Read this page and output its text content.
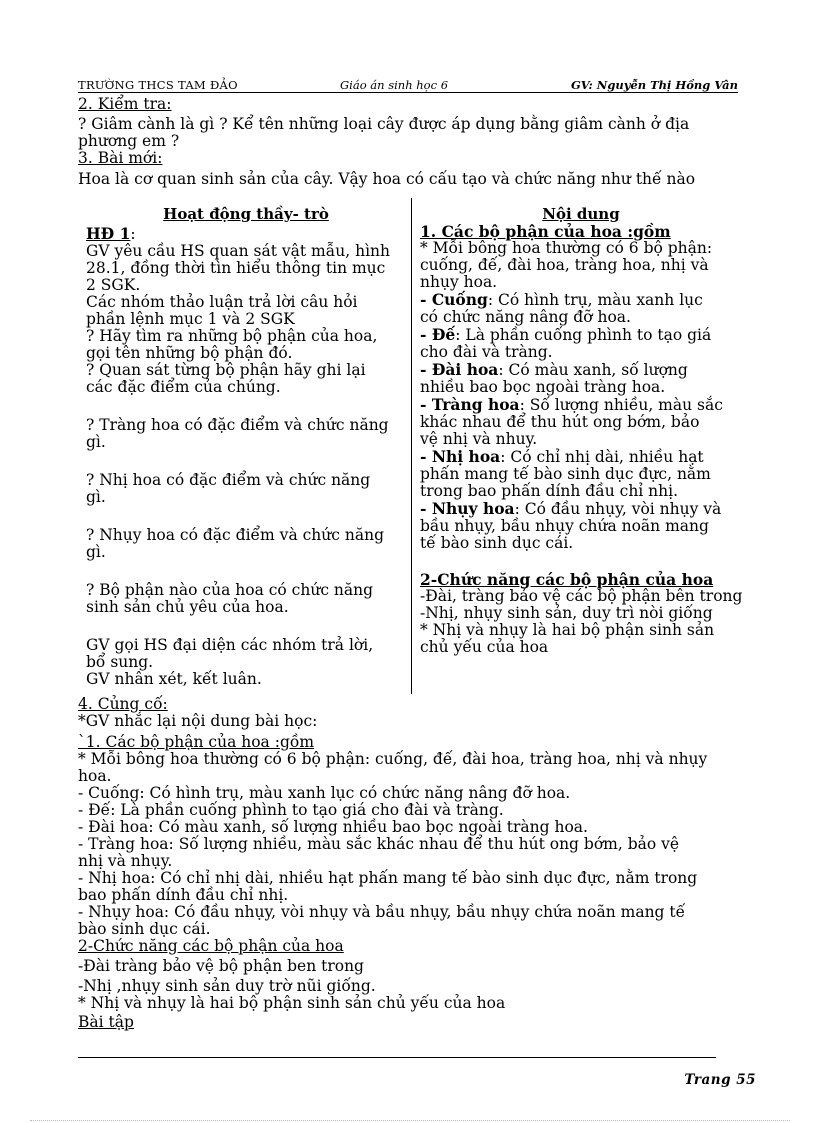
TRƯỜNG THCS TAM ĐẢO	Giáo án sinh học 6	GV: Nguyễn Thị Hồng Vân
2. Kiểm tra:
? Giâm cành là gì ? Kể tên những loại cây được áp dụng bằng giâm cành ở địa
phương em ?
3. Bài mới:
Hoa là cơ quan sinh sản của cây. Vậy hoa có cấu tạo và chức năng như thế nào
Hoạt động thầy- trò
HĐ 1:
GV yêu cầu HS quan sát vật mẫu, hình
28.1, đồng thời tìn hiểu thông tin mục
2 SGK.
Các nhóm thảo luận trả lời câu hỏi
phần lệnh mục 1 và 2 SGK
? Hãy tìm ra những bộ phận của hoa,
gọi tên những bộ phận đó.
? Quan sát từng bộ phận hãy ghi lại
các đặc điểm của chúng.
? Tràng hoa có đặc điểm và chức năng
gì.
? Nhị hoa có đặc điểm và chức năng
gì.
? Nhụy hoa có đặc điểm và chức năng
gì.
? Bộ phận nào của hoa có chức năng
sinh sản chủ yêu của hoa.
GV gọi HS đại diện các nhóm trả lời,
bổ sung.
GV nhân xét, kết luân.
Nội dung
1. Các bộ phận của hoa :gồm
* Mỗi bông hoa thường có 6 bộ phận:
cuống, đế, đài hoa, tràng hoa, nhị và
nhụy hoa.
- Cuống: Có hình trụ, màu xanh lục
có chức năng nâng đỡ hoa.
- Đế: Là phần cuống phình to tạo giá
cho đài và tràng.
- Đài hoa: Có màu xanh, số lượng
nhiều bao bọc ngoài tràng hoa.
- Tràng hoa: Số lượng nhiều, màu sắc
khác nhau để thu hút ong bớm, bảo
vệ nhị và nhuy.
- Nhị hoa: Có chỉ nhị dài, nhiều hạt
phấn mang tế bào sinh dục đực, nằm
trong bao phấn dính đầu chỉ nhị.
- Nhụy hoa: Có đầu nhụy, vòi nhụy và
bầu nhụy, bầu nhụy chứa noãn mang
tế bào sinh dục cái.
2-Chức năng các bộ phận của hoa
-Đài, tràng bảo vệ các bộ phận bên trong
-Nhị, nhụy sinh sản, duy trì nòi giống
* Nhị và nhụy là hai bộ phận sinh sản
chủ yếu của hoa
4. Củng cố:
*GV nhắc lại nội dung bài học:
`1. Các bộ phận của hoa :gồm
* Mỗi bông hoa thường có 6 bộ phận: cuống, đế, đài hoa, tràng hoa, nhị và nhụy
hoa.
- Cuống: Có hình trụ, màu xanh lục có chức năng nâng đỡ hoa.
- Đế: Là phần cuống phình to tạo giá cho đài và tràng.
- Đài hoa: Có màu xanh, số lượng nhiều bao bọc ngoài tràng hoa.
- Tràng hoa: Số lượng nhiều, màu sắc khác nhau để thu hút ong bớm, bảo vệ
nhị và nhụy.
- Nhị hoa: Có chỉ nhị dài, nhiều hạt phấn mang tế bào sinh dục đực, nằm trong
bao phấn dính đầu chỉ nhị.
- Nhụy hoa: Có đầu nhụy, vòi nhụy và bầu nhụy, bầu nhụy chứa noãn mang tế
bào sinh dục cái.
2-Chức năng các bộ phận của hoa
-Đài tràng bảo vệ bộ phận ben trong
-Nhị ,nhụy sinh sản duy trờ nũi giống.
* Nhị và nhụy là hai bộ phận sinh sản chủ yếu của hoa
Bài tập
Trang 55
